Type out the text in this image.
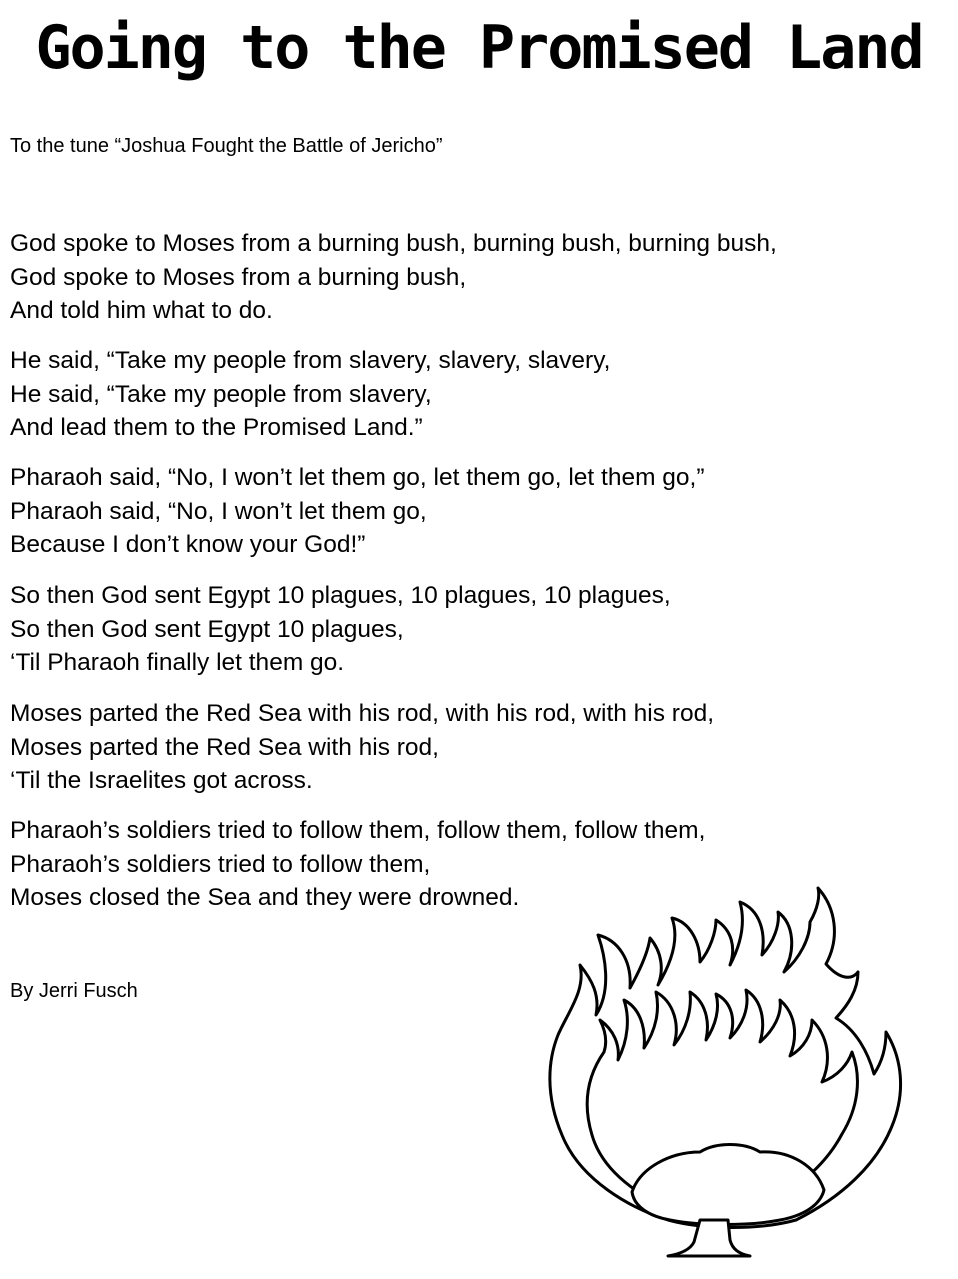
Going to the Promised Land
To the tune “Joshua Fought the Battle of Jericho”
God spoke to Moses from a burning bush, burning bush, burning bush,
God spoke to Moses from a burning bush,
And told him what to do.
He said, “Take my people from slavery, slavery, slavery,
He said, “Take my people from slavery,
And lead them to the Promised Land.”
Pharaoh said, “No, I won’t let them go, let them go, let them go,”
Pharaoh said, “No, I won’t let them go,
Because I don’t know your God!”
So then God sent Egypt 10 plagues, 10 plagues, 10 plagues,
So then God sent Egypt 10 plagues,
‘Til Pharaoh finally let them go.
Moses parted the Red Sea with his rod, with his rod, with his rod,
Moses parted the Red Sea with his rod,
‘Til the Israelites got across.
Pharaoh’s soldiers tried to follow them, follow them, follow them,
Pharaoh’s soldiers tried to follow them,
Moses closed the Sea and they were drowned.
By Jerri Fusch
